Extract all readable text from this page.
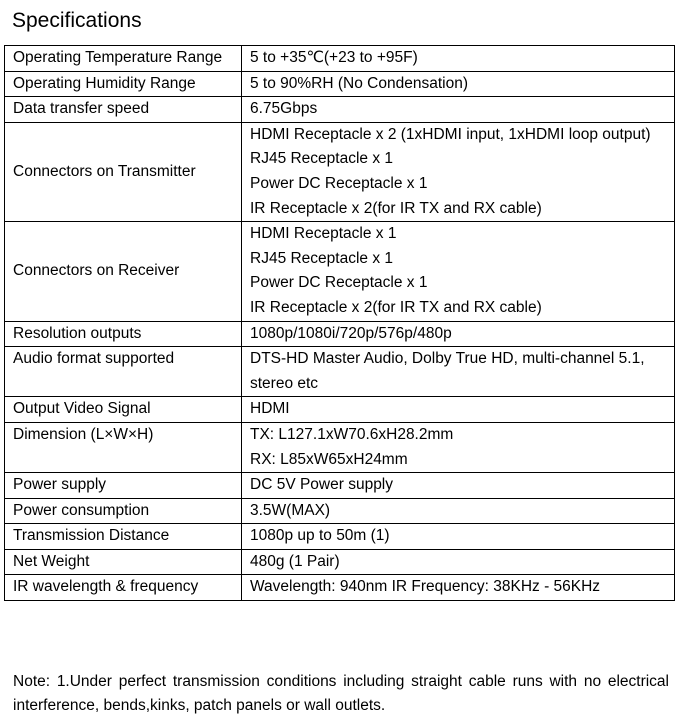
Specifications
Operating Temperature Range	5 to +35℃(+23 to +95F)

Operating Humidity Range	5 to 90%RH (No Condensation)

Data transfer speed	6.75Gbps

Connectors on Transmitter	HDMI Receptacle x 2 (1xHDMI input, 1xHDMI loop output)
RJ45 Receptacle x 1
Power DC Receptacle x 1
IR Receptacle x 2(for IR TX and RX cable)

Connectors on Receiver	HDMI Receptacle x 1
RJ45 Receptacle x 1
Power DC Receptacle x 1
IR Receptacle x 2(for IR TX and RX cable)

Resolution outputs	1080p/1080i/720p/576p/480p

Audio format supported	DTS-HD Master Audio, Dolby True HD, multi-channel 5.1, stereo etc

Output Video Signal	HDMI

Dimension (L×W×H)	TX: L127.1xW70.6xH28.2mm
RX: L85xW65xH24mm

Power supply	DC 5V Power supply

Power consumption	3.5W(MAX)

Transmission Distance	1080p up to 50m (1)

Net Weight	480g (1 Pair)

IR wavelength & frequency	Wavelength: 940nm IR Frequency: 38KHz - 56KHz

Note: 1.Under perfect transmission conditions including straight cable runs with no electrical interference, bends,kinks, patch panels or wall outlets.
